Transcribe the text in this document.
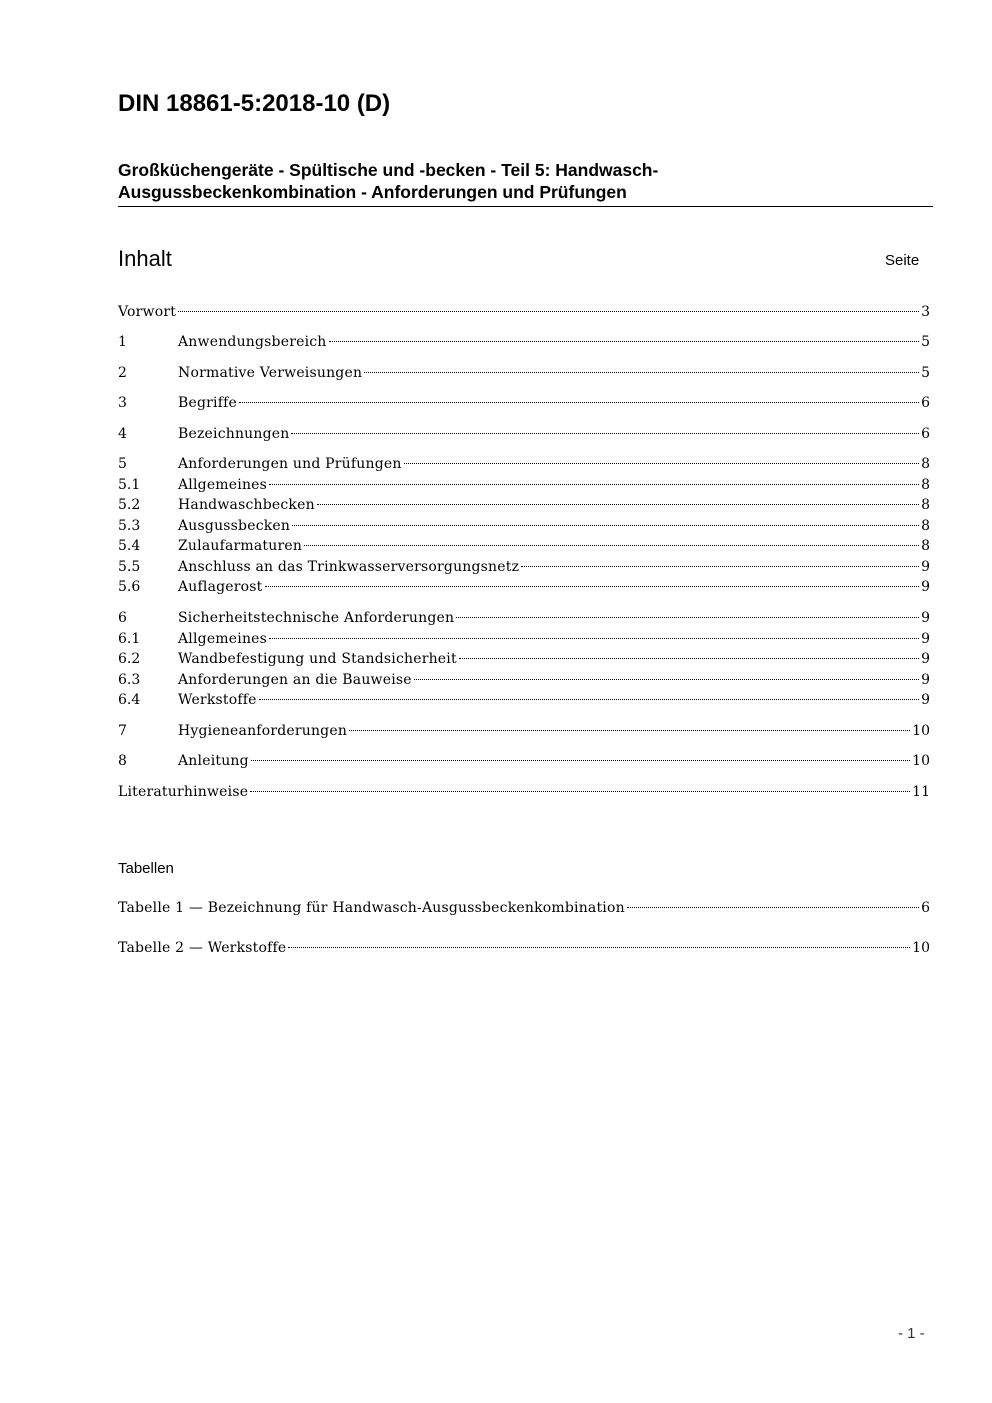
DIN 18861-5:2018-10 (D)
Großküchengeräte - Spültische und -becken - Teil 5: Handwasch-
Ausgussbeckenkombination - Anforderungen und Prüfungen
Inhalt	Seite
Vorwort	3
1	Anwendungsbereich	5
2	Normative Verweisungen	5
3	Begriffe	6
4	Bezeichnungen	6
5	Anforderungen und Prüfungen	8
5.1	Allgemeines	8
5.2	Handwaschbecken	8
5.3	Ausgussbecken	8
5.4	Zulaufarmaturen	8
5.5	Anschluss an das Trinkwasserversorgungsnetz	9
5.6	Auflagerost	9
6	Sicherheitstechnische Anforderungen	9
6.1	Allgemeines	9
6.2	Wandbefestigung und Standsicherheit	9
6.3	Anforderungen an die Bauweise	9
6.4	Werkstoffe	9
7	Hygieneanforderungen	10
8	Anleitung	10
Literaturhinweise	11
Tabellen
Tabelle 1 — Bezeichnung für Handwasch-Ausgussbeckenkombination	6
Tabelle 2 — Werkstoffe	10
- 1 -
